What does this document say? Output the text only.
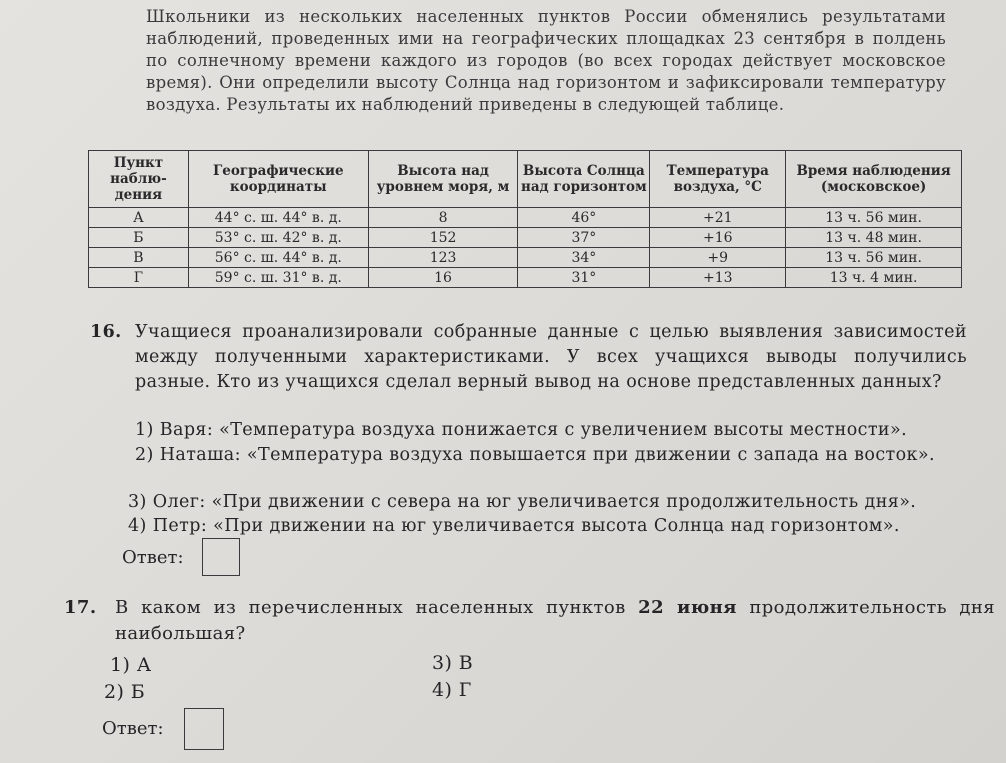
Школьники из нескольких населенных пунктов России обменялись результатами наблюдений, проведенных ими на географических площадках 23 сентября в полдень по солнечному времени каждого из городов (во всех городах действует московское время). Они определили высоту Солнца над горизонтом и зафиксировали температуру воздуха. Результаты их наблюдений приведены в следующей таблице.
Пункт наблю-дения	Географические координаты	Высота над уровнем моря, м	Высота Солнца над горизонтом	Температура воздуха, °C	Время наблюдения (московское)
А	44° с. ш. 44° в. д.	8	46°	+21	13 ч. 56 мин.
Б	53° с. ш. 42° в. д.	152	37°	+16	13 ч. 48 мин.
В	56° с. ш. 44° в. д.	123	34°	+9	13 ч. 56 мин.
Г	59° с. ш. 31° в. д.	16	31°	+13	13 ч. 4 мин.
16. Учащиеся проанализировали собранные данные с целью выявления зависимостей между полученными характеристиками. У всех учащихся выводы получились разные. Кто из учащихся сделал верный вывод на основе представленных данных?
1) Варя: «Температура воздуха понижается с увеличением высоты местности».
2) Наташа: «Температура воздуха повышается при движении с запада на восток».
3) Олег: «При движении с севера на юг увеличивается продолжительность дня».
4) Петр: «При движении на юг увеличивается высота Солнца над горизонтом».
Ответ:
17. В каком из перечисленных населенных пунктов 22 июня продолжительность дня наибольшая?
1) А
2) Б
3) В
4) Г
Ответ:
